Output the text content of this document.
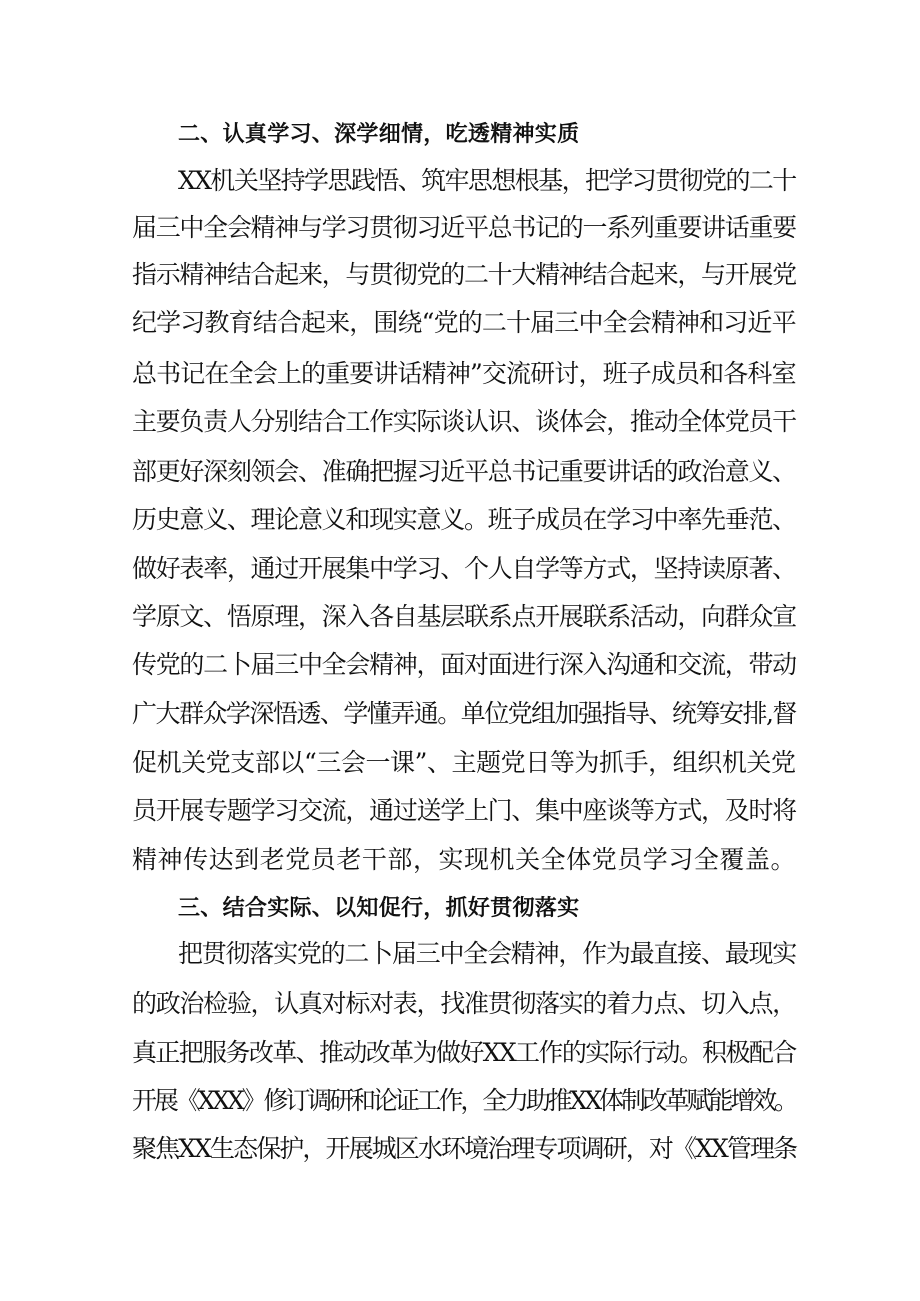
二、认真学习、深学细情，吃透精神实质
XX机关坚持学思践悟、筑牢思想根基，把学习贯彻党的二十
届三中全会精神与学习贯彻习近平总书记的一系列重要讲话重要
指示精神结合起来，与贯彻党的二十大精神结合起来，与开展党
纪学习教育结合起来，围绕“党的二十届三中全会精神和习近平
总书记在全会上的重要讲话精神”交流研讨，班子成员和各科室
主要负责人分别结合工作实际谈认识、谈体会，推动全体党员干
部更好深刻领会、准确把握习近平总书记重要讲话的政治意义、
历史意义、理论意义和现实意义。班子成员在学习中率先垂范、
做好表率，通过开展集中学习、个人自学等方式，坚持读原著、
学原文、悟原理，深入各自基层联系点开展联系活动，向群众宣
传党的二卜届三中全会精神，面对面进行深入沟通和交流，带动
广大群众学深悟透、学懂弄通。单位党组加强指导、统筹安排,督
促机关党支部以“三会一课”、主题党日等为抓手，组织机关党
员开展专题学习交流，通过送学上门、集中座谈等方式，及时将
精神传达到老党员老干部，实现机关全体党员学习全覆盖。
三、结合实际、以知促行，抓好贯彻落实
把贯彻落实党的二卜届三中全会精神，作为最直接、最现实
的政治检验，认真对标对表，找准贯彻落实的着力点、切入点，
真正把服务改革、推动改革为做好XX工作的实际行动。积极配合
开展《XXX》修订调研和论证工作，全力助推XX体制改革赋能增效。
聚焦XX生态保护，开展城区水环境治理专项调研，对《XX管理条
